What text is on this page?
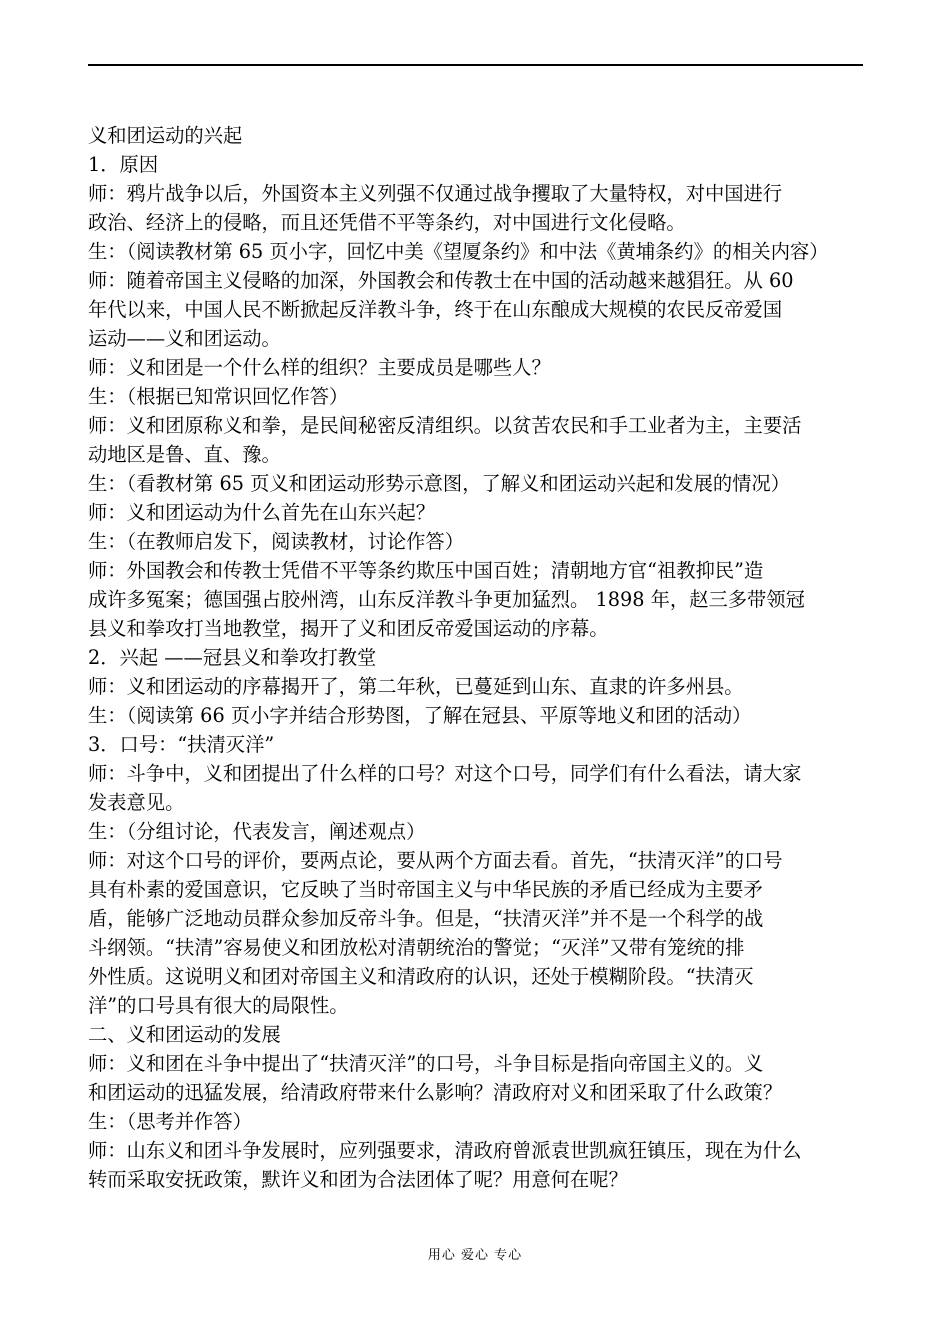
义和团运动的兴起
1．原因
师：鸦片战争以后，外国资本主义列强不仅通过战争攫取了大量特权，对中国进行
政治、经济上的侵略，而且还凭借不平等条约，对中国进行文化侵略。
生：（阅读教材第 65 页小字，回忆中美《望厦条约》和中法《黄埔条约》的相关内容）
师：随着帝国主义侵略的加深，外国教会和传教士在中国的活动越来越猖狂。从 60
年代以来，中国人民不断掀起反洋教斗争，终于在山东酿成大规模的农民反帝爱国
运动——义和团运动。
师：义和团是一个什么样的组织？主要成员是哪些人？
生：（根据已知常识回忆作答）
师：义和团原称义和拳，是民间秘密反清组织。以贫苦农民和手工业者为主，主要活
动地区是鲁、直、豫。
生：（看教材第 65 页义和团运动形势示意图，了解义和团运动兴起和发展的情况）
师：义和团运动为什么首先在山东兴起？
生：（在教师启发下，阅读教材，讨论作答）
师：外国教会和传教士凭借不平等条约欺压中国百姓；清朝地方官“祖教抑民”造
成许多冤案；德国强占胶州湾，山东反洋教斗争更加猛烈。 1898 年，赵三多带领冠
县义和拳攻打当地教堂，揭开了义和团反帝爱国运动的序幕。
2．兴起 ——冠县义和拳攻打教堂
师：义和团运动的序幕揭开了，第二年秋，已蔓延到山东、直隶的许多州县。
生：（阅读第 66 页小字并结合形势图，了解在冠县、平原等地义和团的活动）
3．口号：“扶清灭洋”
师：斗争中，义和团提出了什么样的口号？对这个口号，同学们有什么看法，请大家
发表意见。
生：（分组讨论，代表发言，阐述观点）
师：对这个口号的评价，要两点论，要从两个方面去看。首先，“扶清灭洋”的口号
具有朴素的爱国意识，它反映了当时帝国主义与中华民族的矛盾已经成为主要矛
盾，能够广泛地动员群众参加反帝斗争。但是，“扶清灭洋”并不是一个科学的战
斗纲领。“扶清”容易使义和团放松对清朝统治的警觉；“灭洋”又带有笼统的排
外性质。这说明义和团对帝国主义和清政府的认识，还处于模糊阶段。“扶清灭
洋”的口号具有很大的局限性。
二、义和团运动的发展
师：义和团在斗争中提出了“扶清灭洋”的口号，斗争目标是指向帝国主义的。义
和团运动的迅猛发展，给清政府带来什么影响？清政府对义和团采取了什么政策？
生：（思考并作答）
师：山东义和团斗争发展时，应列强要求，清政府曾派袁世凯疯狂镇压，现在为什么
转而采取安抚政策，默许义和团为合法团体了呢？用意何在呢？
用心 爱心 专心
